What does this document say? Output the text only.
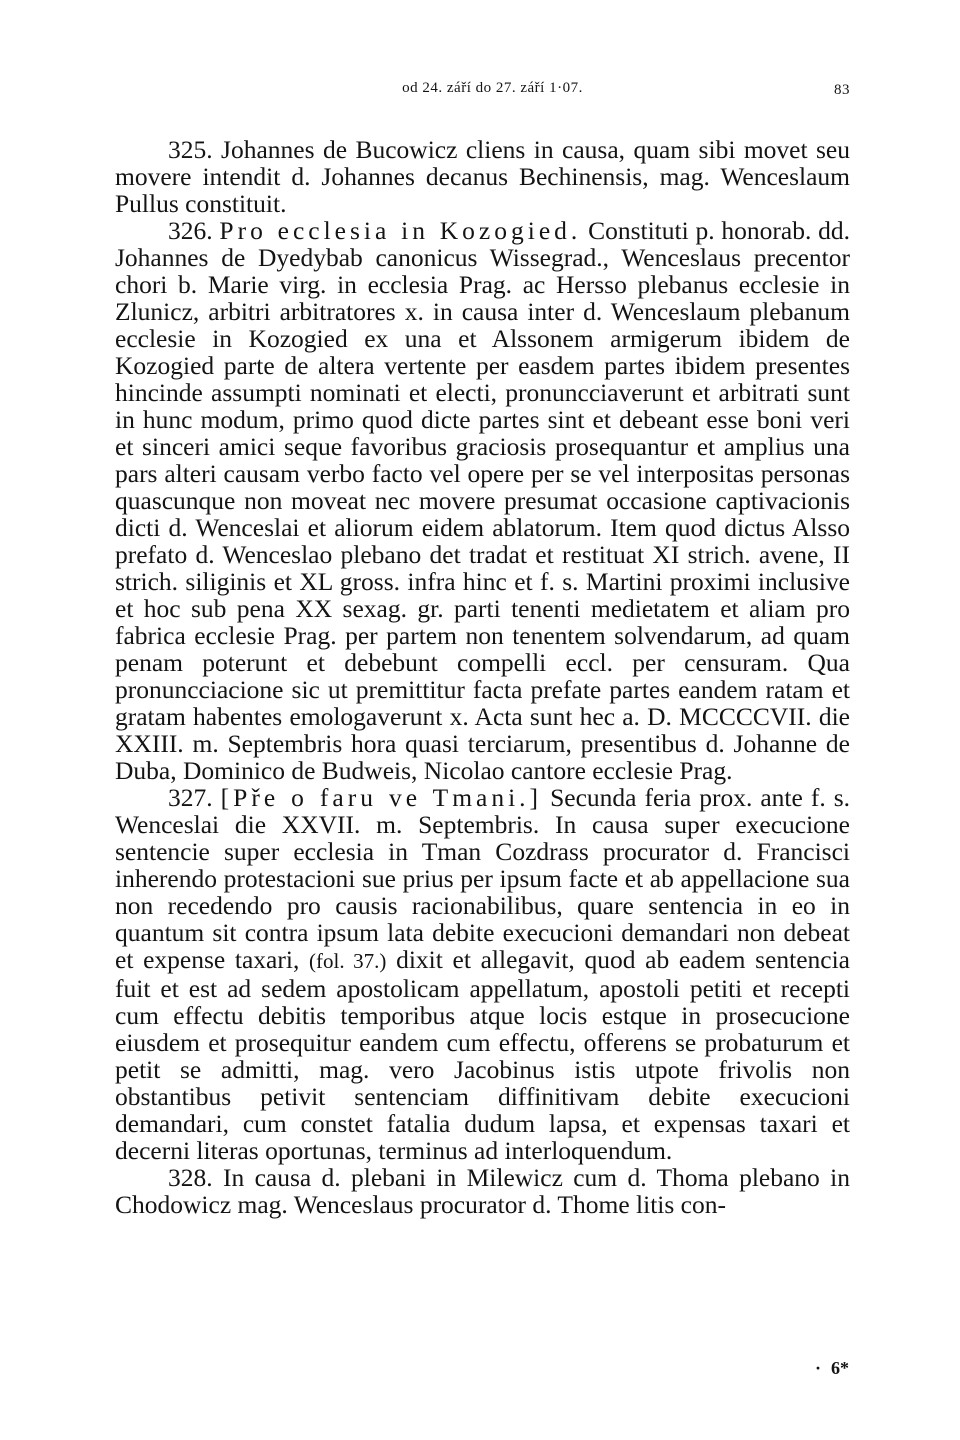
od 24. září do 27. září 1·07.	83

325. Johannes de Bucowicz cliens in causa, quam sibi movet seu movere intendit d. Johannes decanus Bechinensis, mag. Wenceslaum Pullus constituit.

326. Pro ecclesia in Kozogied. Constituti p. honorab. dd. Johannes de Dyedybab canonicus Wissegrad., Wenceslaus precentor chori b. Marie virg. in ecclesia Prag. ac Hersso plebanus ecclesie in Zlunicz, arbitri arbitratores x. in causa inter d. Wenceslaum plebanum ecclesie in Kozogied ex una et Alssonem armigerum ibidem de Kozogied parte de altera vertente per easdem partes ibidem presentes hincinde assumpti nominati et electi, pronuncciaverunt et arbitrati sunt in hunc modum, primo quod dicte partes sint et debeant esse boni veri et sinceri amici seque favoribus graciosis prosequantur et amplius una pars alteri causam verbo facto vel opere per se vel interpositas personas quascunque non moveat nec movere presumat occasione captivacionis dicti d. Wenceslai et aliorum eidem ablatorum. Item quod dictus Alsso prefato d. Wenceslao plebano det tradat et restituat XI strich. avene, II strich. siliginis et XL gross. infra hinc et f. s. Martini proximi inclusive et hoc sub pena XX sexag. gr. parti tenenti medietatem et aliam pro fabrica ecclesie Prag. per partem non tenentem solvendarum, ad quam penam poterunt et debebunt compelli eccl. per censuram. Qua pronuncciacione sic ut premittitur facta prefate partes eandem ratam et gratam habentes emologaverunt x. Acta sunt hec a. D. MCCCCVII. die XXIII. m. Septembris hora quasi terciarum, presentibus d. Johanne de Duba, Dominico de Budweis, Nicolao cantore ecclesie Prag.

327. [Pře o faru ve Tmani.] Secunda feria prox. ante f. s. Wenceslai die XXVII. m. Septembris. In causa super execucione sentencie super ecclesia in Tman Cozdrass procurator d. Francisci inherendo protestacioni sue prius per ipsum facte et ab appellacione sua non recedendo pro causis racionabilibus, quare sentencia in eo in quantum sit contra ipsum lata debite execucioni demandari non debeat et expense taxari, (fol. 37.) dixit et allegavit, quod ab eadem sentencia fuit et est ad sedem apostolicam appellatum, apostoli petiti et recepti cum effectu debitis temporibus atque locis estque in prosecucione eiusdem et prosequitur eandem cum effectu, offerens se probaturum et petit se admitti, mag. vero Jacobinus istis utpote frivolis non obstantibus petivit sentenciam diffinitivam debite execucioni demandari, cum constet fatalia dudum lapsa, et expensas taxari et decerni literas oportunas, terminus ad interloquendum.

328. In causa d. plebani in Milewicz cum d. Thoma plebano in Chodowicz mag. Wenceslaus procurator d. Thome litis con-

· 6*
